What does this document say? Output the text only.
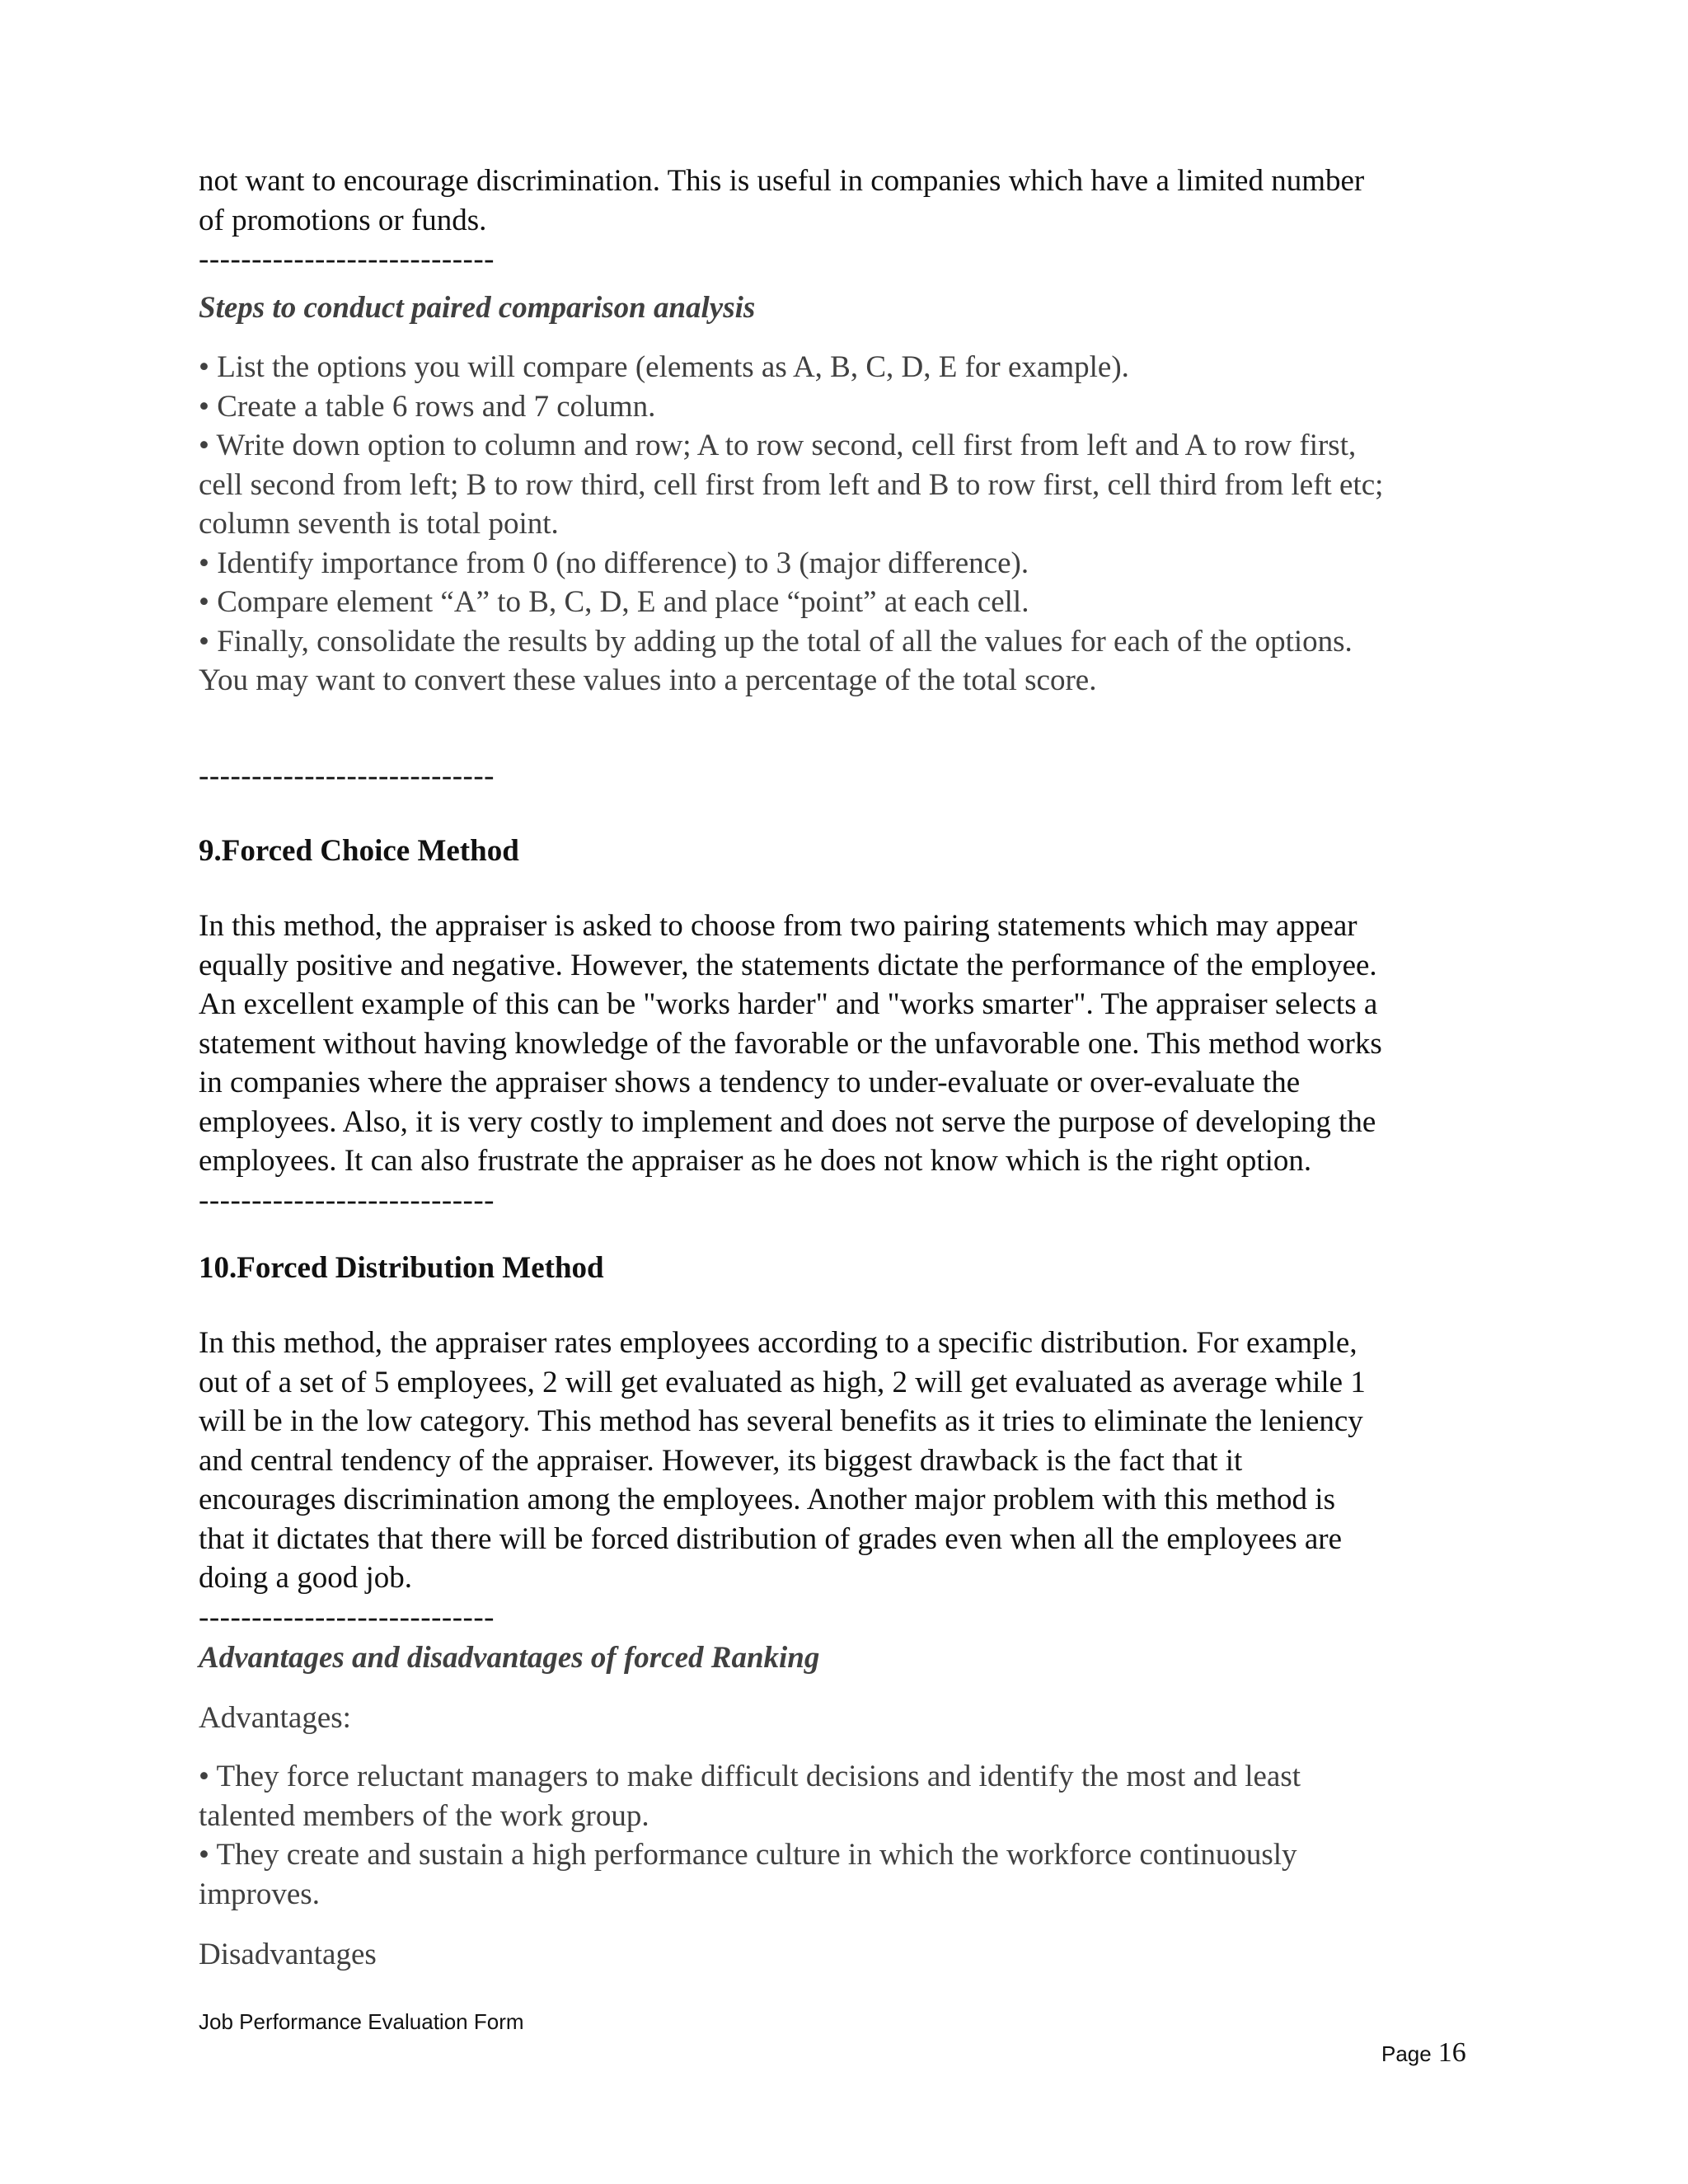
not want to encourage discrimination. This is useful in companies which have a limited number
of promotions or funds.
----------------------------
Steps to conduct paired comparison analysis
• List the options you will compare (elements as A, B, C, D, E for example).
• Create a table 6 rows and 7 column.
• Write down option to column and row; A to row second, cell first from left and A to row first,
cell second from left; B to row third, cell first from left and B to row first, cell third from left etc;
column seventh is total point.
• Identify importance from 0 (no difference) to 3 (major difference).
• Compare element “A” to B, C, D, E and place “point” at each cell.
• Finally, consolidate the results by adding up the total of all the values for each of the options.
You may want to convert these values into a percentage of the total score.
----------------------------
9.Forced Choice Method
In this method, the appraiser is asked to choose from two pairing statements which may appear
equally positive and negative. However, the statements dictate the performance of the employee.
An excellent example of this can be "works harder" and "works smarter". The appraiser selects a
statement without having knowledge of the favorable or the unfavorable one. This method works
in companies where the appraiser shows a tendency to under-evaluate or over-evaluate the
employees. Also, it is very costly to implement and does not serve the purpose of developing the
employees. It can also frustrate the appraiser as he does not know which is the right option.
----------------------------
10.Forced Distribution Method
In this method, the appraiser rates employees according to a specific distribution. For example,
out of a set of 5 employees, 2 will get evaluated as high, 2 will get evaluated as average while 1
will be in the low category. This method has several benefits as it tries to eliminate the leniency
and central tendency of the appraiser. However, its biggest drawback is the fact that it
encourages discrimination among the employees. Another major problem with this method is
that it dictates that there will be forced distribution of grades even when all the employees are
doing a good job.
----------------------------
Advantages and disadvantages of forced Ranking
Advantages:
• They force reluctant managers to make difficult decisions and identify the most and least
talented members of the work group.
• They create and sustain a high performance culture in which the workforce continuously
improves.
Disadvantages
Job Performance Evaluation Form
Page 16
